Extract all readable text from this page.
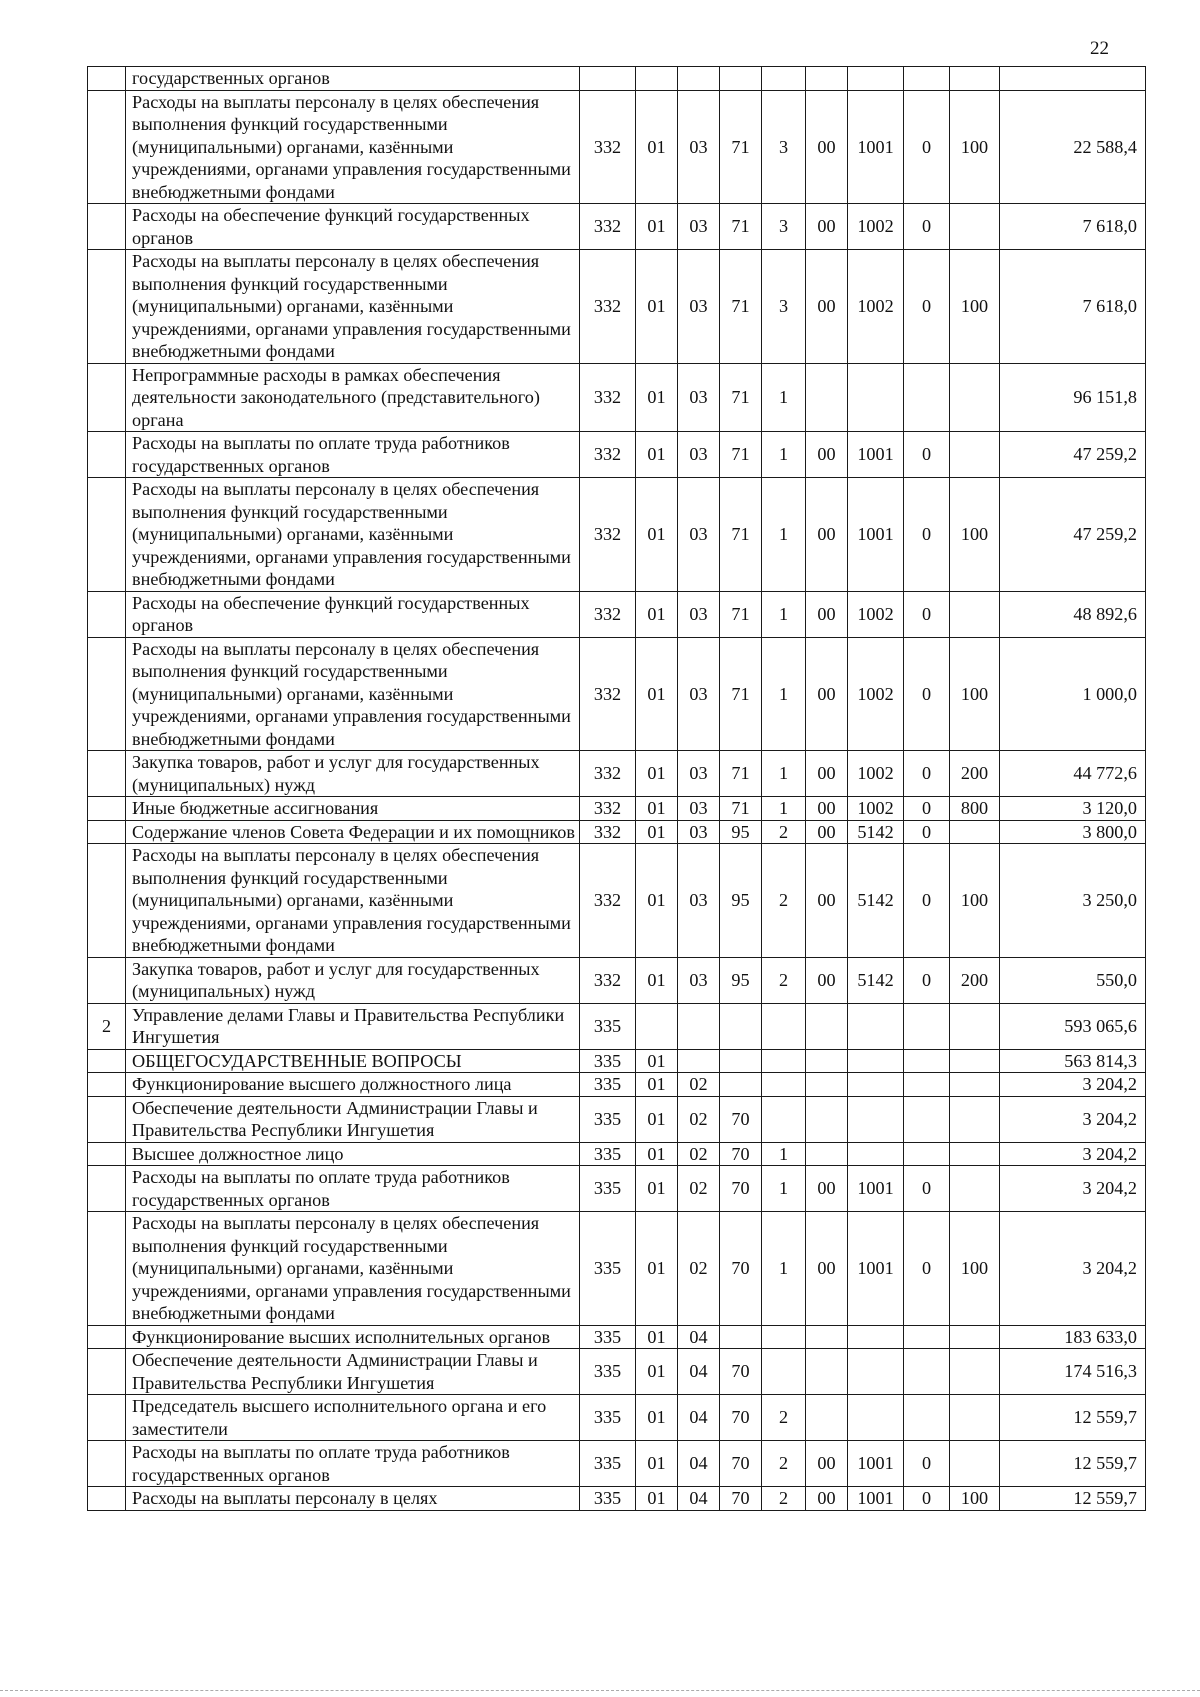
22
	государственных органов										
	Расходы на выплаты персоналу в целях обеспечения выполнения функций государственными (муниципальными) органами, казёнными учреждениями, органами управления государственными внебюджетными фондами	332	01	03	71	3	00	1001	0	100	22 588,4
	Расходы на обеспечение функций государственных органов	332	01	03	71	3	00	1002	0		7 618,0
	Расходы на выплаты персоналу в целях обеспечения выполнения функций государственными (муниципальными) органами, казёнными учреждениями, органами управления государственными внебюджетными фондами	332	01	03	71	3	00	1002	0	100	7 618,0
	Непрограммные расходы в рамках обеспечения деятельности законодательного (представительного) органа	332	01	03	71	1					96 151,8
	Расходы на выплаты по оплате труда работников государственных органов	332	01	03	71	1	00	1001	0		47 259,2
	Расходы на выплаты персоналу в целях обеспечения выполнения функций государственными (муниципальными) органами, казёнными учреждениями, органами управления государственными внебюджетными фондами	332	01	03	71	1	00	1001	0	100	47 259,2
	Расходы на обеспечение функций государственных органов	332	01	03	71	1	00	1002	0		48 892,6
	Расходы на выплаты персоналу в целях обеспечения выполнения функций государственными (муниципальными) органами, казёнными учреждениями, органами управления государственными внебюджетными фондами	332	01	03	71	1	00	1002	0	100	1 000,0
	Закупка товаров, работ и услуг для государственных (муниципальных) нужд	332	01	03	71	1	00	1002	0	200	44 772,6
	Иные бюджетные ассигнования	332	01	03	71	1	00	1002	0	800	3 120,0
	Содержание членов Совета Федерации и их помощников	332	01	03	95	2	00	5142	0		3 800,0
	Расходы на выплаты персоналу в целях обеспечения выполнения функций государственными (муниципальными) органами, казёнными учреждениями, органами управления государственными внебюджетными фондами	332	01	03	95	2	00	5142	0	100	3 250,0
	Закупка товаров, работ и услуг для государственных (муниципальных) нужд	332	01	03	95	2	00	5142	0	200	550,0
2	Управление делами Главы и Правительства Республики Ингушетия	335									593 065,6
	ОБЩЕГОСУДАРСТВЕННЫЕ ВОПРОСЫ	335	01								563 814,3
	Функционирование высшего должностного лица	335	01	02							3 204,2
	Обеспечение деятельности Администрации Главы и Правительства Республики Ингушетия	335	01	02	70						3 204,2
	Высшее должностное лицо	335	01	02	70	1					3 204,2
	Расходы на выплаты по оплате труда работников государственных органов	335	01	02	70	1	00	1001	0		3 204,2
	Расходы на выплаты персоналу в целях обеспечения выполнения функций государственными (муниципальными) органами, казёнными учреждениями, органами управления государственными внебюджетными фондами	335	01	02	70	1	00	1001	0	100	3 204,2
	Функционирование высших исполнительных органов	335	01	04							183 633,0
	Обеспечение деятельности Администрации Главы и Правительства Республики Ингушетия	335	01	04	70						174 516,3
	Председатель высшего исполнительного органа и его заместители	335	01	04	70	2					12 559,7
	Расходы на выплаты по оплате труда работников государственных органов	335	01	04	70	2	00	1001	0		12 559,7
	Расходы на выплаты персоналу в целях	335	01	04	70	2	00	1001	0	100	12 559,7
